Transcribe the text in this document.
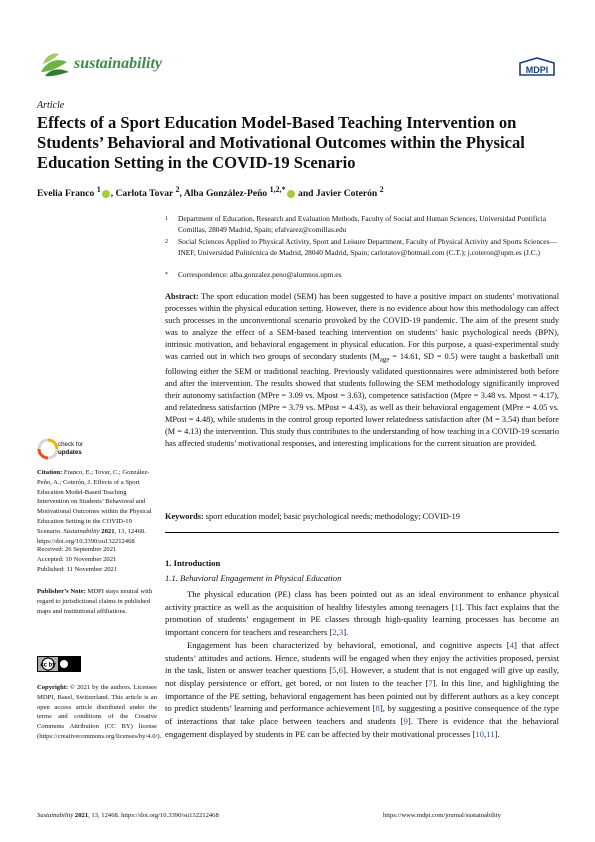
sustainability	MDPI
Article
Effects of a Sport Education Model-Based Teaching Intervention on Students’ Behavioral and Motivational Outcomes within the Physical Education Setting in the COVID-19 Scenario
Evelia Franco $^1$ , Carlota Tovar $^2$, Alba González-Peño $^{1,2,*}$ and Javier Coterón $^2$
1 Department of Education, Research and Evaluation Methods, Faculty of Social and Human Sciences, Universidad Pontificia Comillas, 28049 Madrid, Spain; efalvarez@comillas.edu
2 Social Sciences Applied to Physical Activity, Sport and Leisure Department, Faculty of Physical Activity and Sports Sciences—INEF, Universidad Politécnica de Madrid, 28040 Madrid, Spain; carlotatov@hotmail.com (C.T.); j.coteron@upm.es (J.C.)
* Correspondence: alba.gonzalez.peno@alumnos.upm.es
Abstract: The sport education model (SEM) has been suggested to have a positive impact on students’ motivational processes within the physical education setting. However, there is no evidence about how this methodology can affect such processes in the unconventional scenario provoked by the COVID-19 pandemic. The aim of the present study was to analyze the effect of a SEM-based teaching intervention on students’ basic psychological needs (BPN), intrinsic motivation, and behavioral engagement in physical education. For this purpose, a quasi-experimental study was carried out in which two groups of secondary students ($M_{age} = 14.61$, SD = 0.5) were taught a basketball unit following either the SEM or traditional teaching. Previously validated questionnaires were administered both before and after the intervention. The results showed that students following the SEM methodology significantly improved their autonomy satisfaction (MPre = 3.09 vs. Mpost = 3.63), competence satisfaction (Mpre = 3.48 vs. Mpost = 4.17), and relatedness satisfaction (MPre = 3.79 vs. MPost = 4.43), as well as their behavioral engagement (MPre = 4.05 vs. MPost = 4.48), while students in the control group reported lower relatedness satisfaction after (M = 3.54) than before (M = 4.13) the intervention. This study thus contributes to the understanding of how teaching in a COVID-19 scenario has affected students’ motivational responses, and interesting implications for the current situation are provided.
Keywords: sport education model; basic psychological needs; methodology; COVID-19
check for
updates
Citation: Franco, E.; Tovar, C.; González-Peño, A.; Coterón, J. Effects of a Sport Education Model-Based Teaching Intervention on Students’ Behavioral and Motivational Outcomes within the Physical Education Setting in the COVID-19 Scenario. Sustainability 2021, 13, 12468. https://doi.org/10.3390/su132212468
Received: 26 September 2021
Accepted: 10 November 2021
Published: 11 November 2021
Publisher’s Note: MDPI stays neutral with regard to jurisdictional claims in published maps and institutional affiliations.
cc by
Copyright: © 2021 by the authors. Licensee MDPI, Basel, Switzerland. This article is an open access article distributed under the terms and conditions of the Creative Commons Attribution (CC BY) license (https://creativecommons.org/licenses/by/4.0/).
1. Introduction
1.1. Behavioral Engagement in Physical Education

The physical education (PE) class has been pointed out as an ideal environment to enhance physical activity practice as well as the acquisition of healthy lifestyles among teenagers [1]. This fact explains that the promotion of students’ engagement in PE classes through high-quality learning processes has become an important concern for teachers and researchers [2,3].

Engagement has been characterized by behavioral, emotional, and cognitive aspects [4] that affect students’ attitudes and actions. Hence, students will be engaged when they enjoy the activities proposed, persist in the task, listen or answer teacher questions [5,6]. However, a student that is not engaged will give up easily, not display persistence or effort, get bored, or not listen to the teacher [7]. In this line, and highlighting the importance of the PE setting, behavioral engagement has been pointed out by different authors as a key concept to predict students’ learning and performance achievement [8], by suggesting a positive consequence of the type of interactions that take place between teachers and students [9]. There is evidence that the behavioral engagement displayed by students in PE can be affected by their motivational processes [10,11].

Sustainability 2021, 13, 12468. https://doi.org/10.3390/su132212468	https://www.mdpi.com/journal/sustainability
